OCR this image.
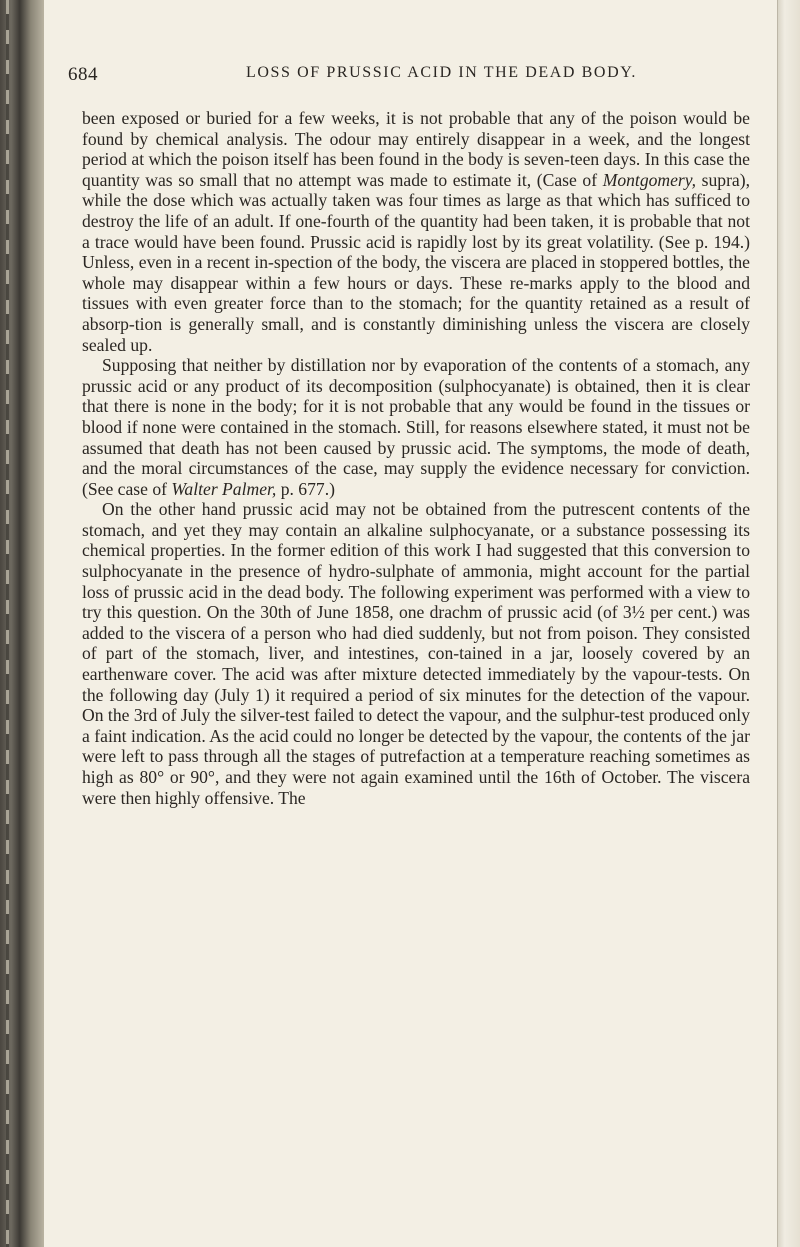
684	LOSS OF PRUSSIC ACID IN THE DEAD BODY.

been exposed or buried for a few weeks, it is not probable that any of the poison would be found by chemical analysis. The odour may entirely disappear in a week, and the longest period at which the poison itself has been found in the body is seven-teen days. In this case the quantity was so small that no attempt was made to estimate it, (Case of Montgomery, supra), while the dose which was actually taken was four times as large as that which has sufficed to destroy the life of an adult. If one-fourth of the quantity had been taken, it is probable that not a trace would have been found. Prussic acid is rapidly lost by its great volatility. (See p. 194.) Unless, even in a recent in-spection of the body, the viscera are placed in stoppered bottles, the whole may disappear within a few hours or days. These re-marks apply to the blood and tissues with even greater force than to the stomach; for the quantity retained as a result of absorp-tion is generally small, and is constantly diminishing unless the viscera are closely sealed up.

Supposing that neither by distillation nor by evaporation of the contents of a stomach, any prussic acid or any product of its decomposition (sulphocyanate) is obtained, then it is clear that there is none in the body; for it is not probable that any would be found in the tissues or blood if none were contained in the stomach. Still, for reasons elsewhere stated, it must not be assumed that death has not been caused by prussic acid. The symptoms, the mode of death, and the moral circumstances of the case, may supply the evidence necessary for conviction. (See case of Walter Palmer, p. 677.)

On the other hand prussic acid may not be obtained from the putrescent contents of the stomach, and yet they may contain an alkaline sulphocyanate, or a substance possessing its chemical properties. In the former edition of this work I had suggested that this conversion to sulphocyanate in the presence of hydro-sulphate of ammonia, might account for the partial loss of prussic acid in the dead body. The following experiment was performed with a view to try this question. On the 30th of June 1858, one drachm of prussic acid (of 3½ per cent.) was added to the viscera of a person who had died suddenly, but not from poison. They consisted of part of the stomach, liver, and intestines, con-tained in a jar, loosely covered by an earthenware cover. The acid was after mixture detected immediately by the vapour-tests. On the following day (July 1) it required a period of six minutes for the detection of the vapour. On the 3rd of July the silver-test failed to detect the vapour, and the sulphur-test produced only a faint indication. As the acid could no longer be detected by the vapour, the contents of the jar were left to pass through all the stages of putrefaction at a temperature reaching sometimes as high as 80° or 90°, and they were not again examined until the 16th of October. The viscera were then highly offensive. The
